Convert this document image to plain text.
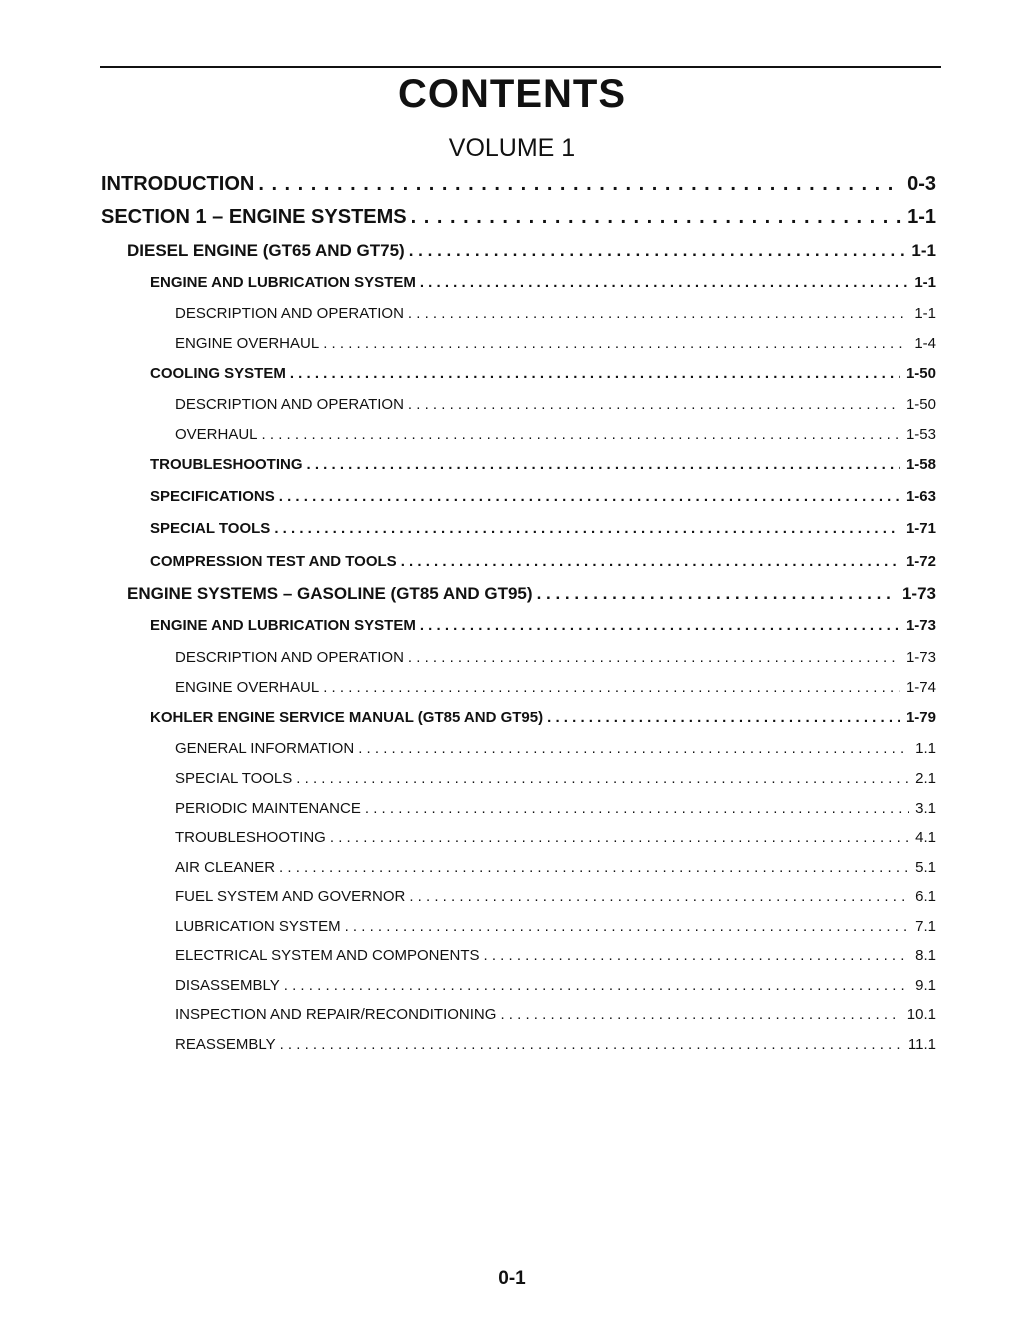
CONTENTS
VOLUME 1
INTRODUCTION . . .	0-3
SECTION 1 – ENGINE SYSTEMS . . .	1-1
DIESEL ENGINE (GT65 AND GT75) . . .	1-1
ENGINE AND LUBRICATION SYSTEM . . .	1-1
DESCRIPTION AND OPERATION . . .	1-1
ENGINE OVERHAUL . . .	1-4
COOLING SYSTEM . . .	1-50
DESCRIPTION AND OPERATION . . .	1-50
OVERHAUL . . .	1-53
TROUBLESHOOTING . . .	1-58
SPECIFICATIONS . . .	1-63
SPECIAL TOOLS . . .	1-71
COMPRESSION TEST AND TOOLS . . .	1-72
ENGINE SYSTEMS – GASOLINE (GT85 AND GT95) . . .	1-73
ENGINE AND LUBRICATION SYSTEM . . .	1-73
DESCRIPTION AND OPERATION . . .	1-73
ENGINE OVERHAUL . . .	1-74
KOHLER ENGINE SERVICE MANUAL (GT85 AND GT95) . . .	1-79
GENERAL INFORMATION . . .	1.1
SPECIAL TOOLS . . .	2.1
PERIODIC MAINTENANCE . . .	3.1
TROUBLESHOOTING . . .	4.1
AIR CLEANER . . .	5.1
FUEL SYSTEM AND GOVERNOR . . .	6.1
LUBRICATION SYSTEM . . .	7.1
ELECTRICAL SYSTEM AND COMPONENTS . . .	8.1
DISASSEMBLY . . .	9.1
INSPECTION AND REPAIR/RECONDITIONING . . .	10.1
REASSEMBLY . . .	11.1
0-1
